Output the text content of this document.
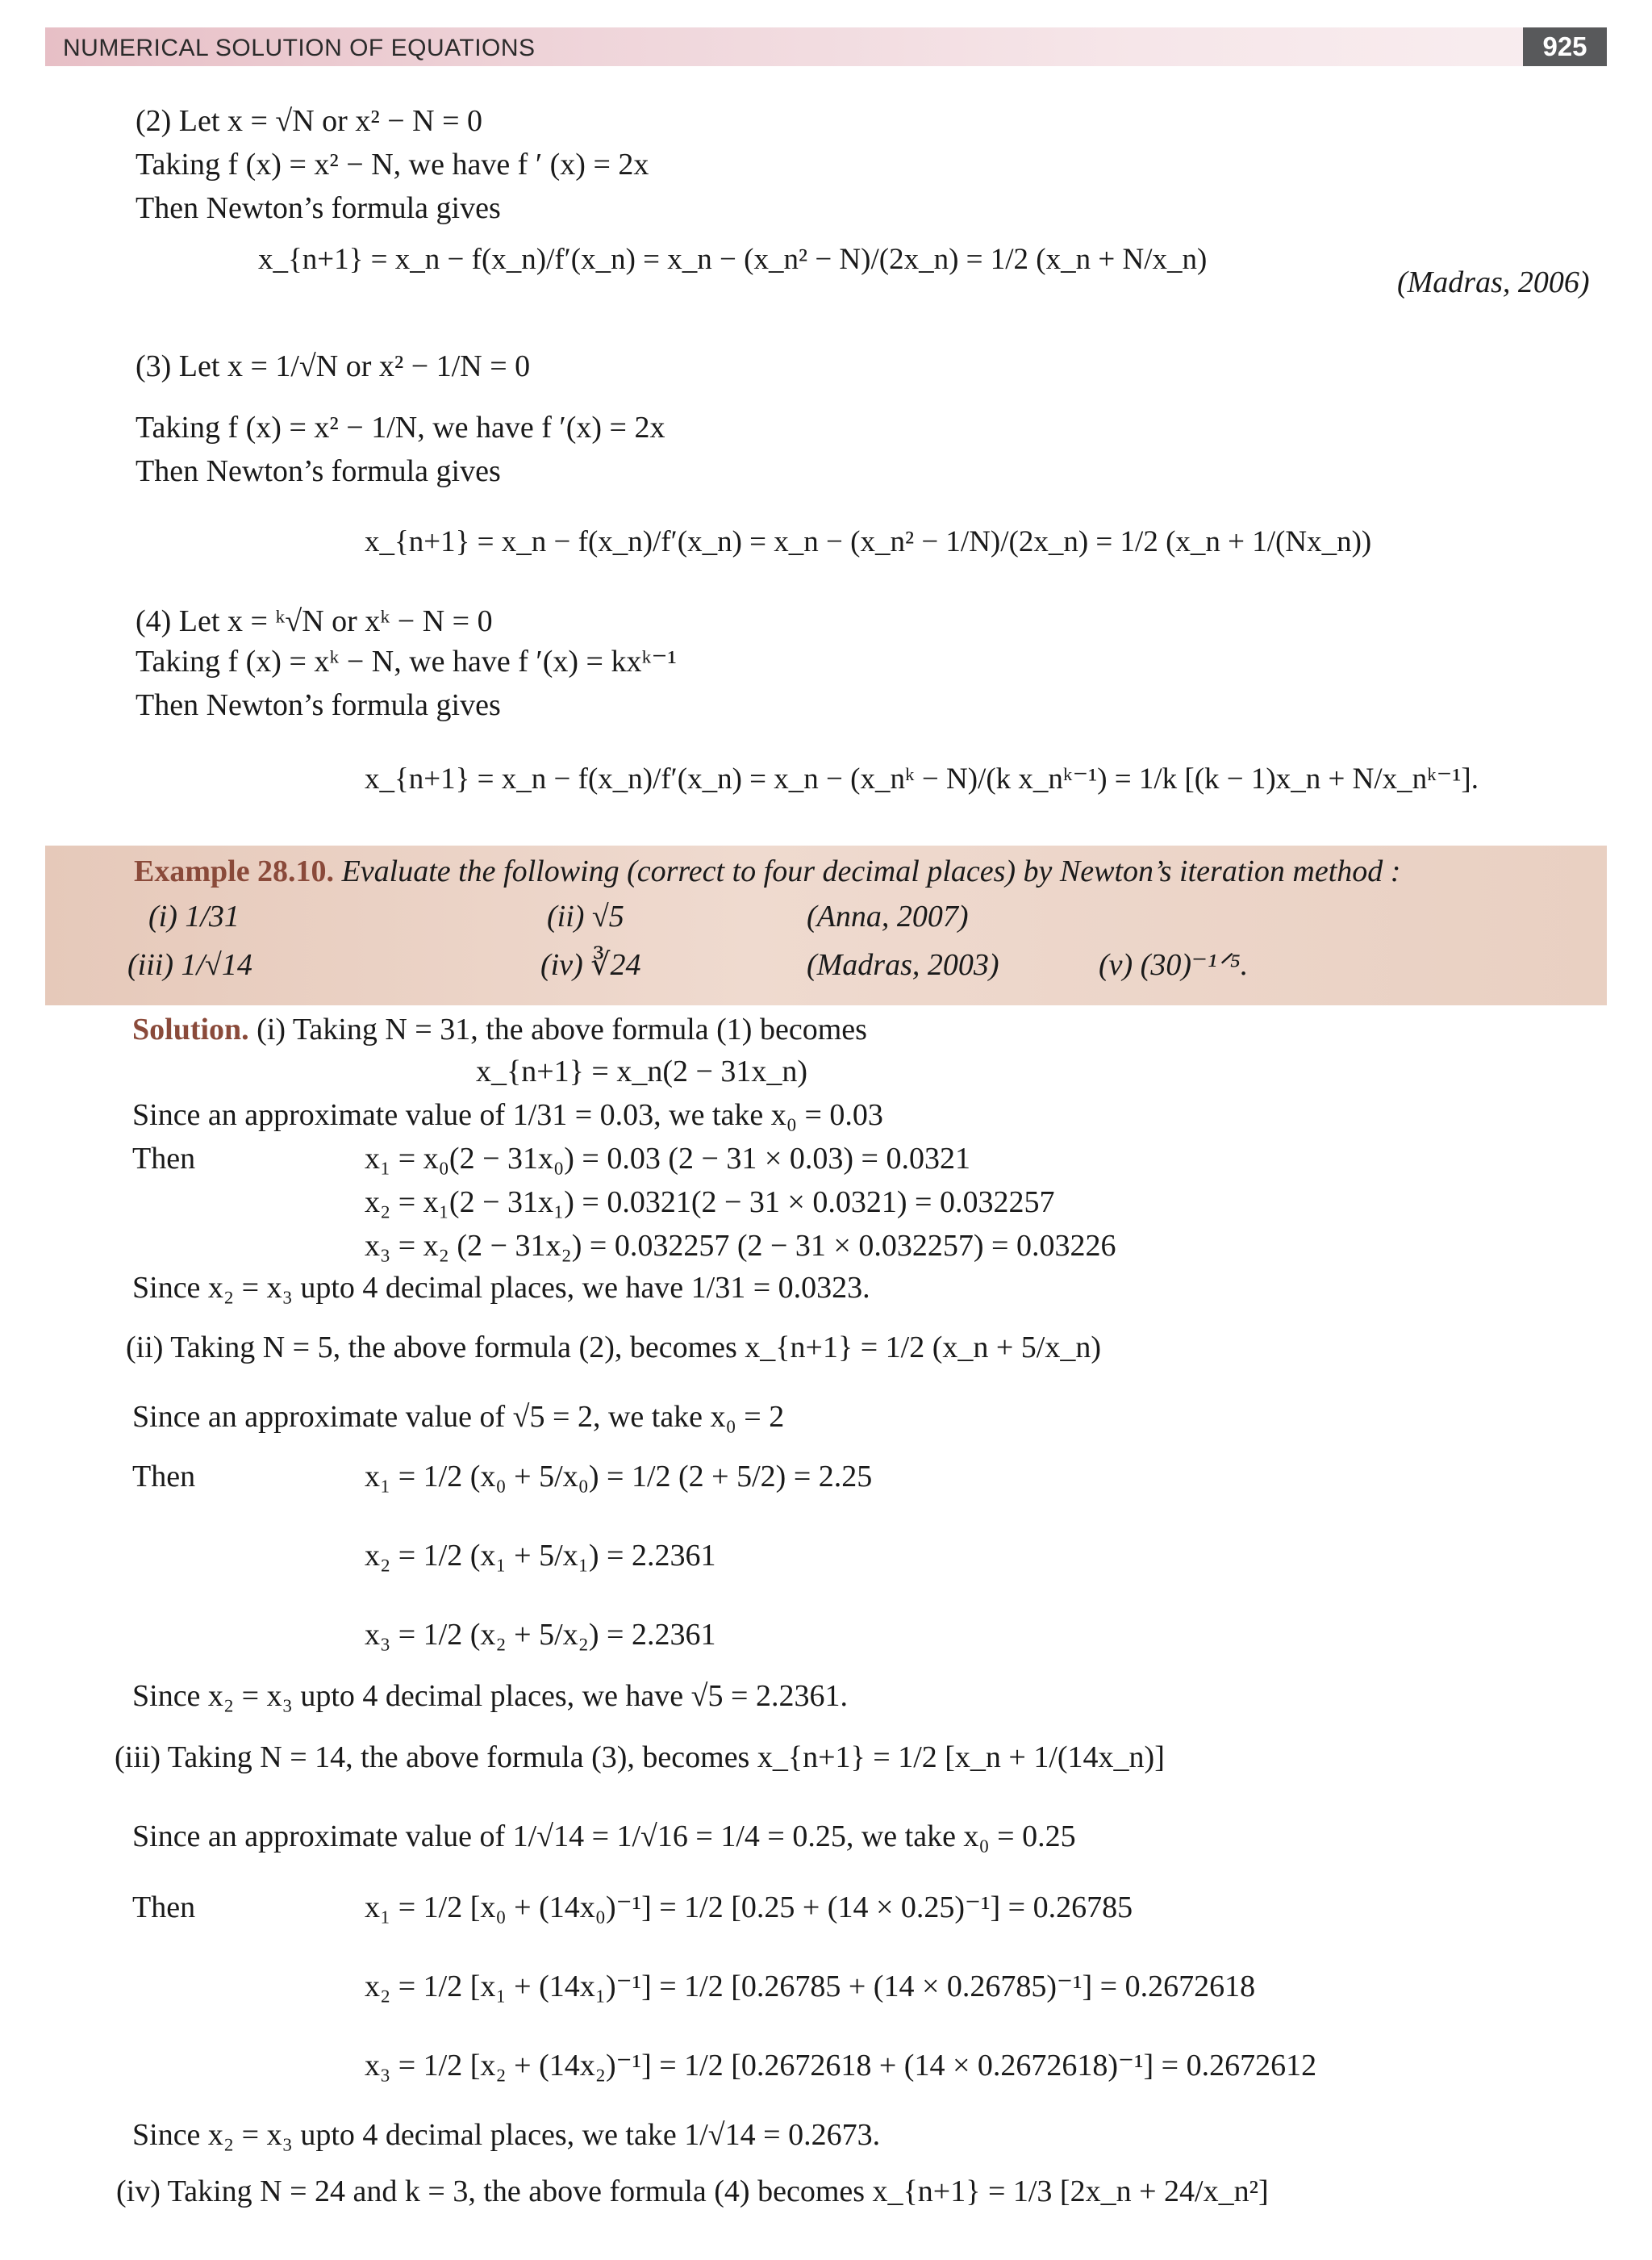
NUMERICAL SOLUTION OF EQUATIONS	925
(2) Let x = √N or x² − N = 0
Taking f (x) = x² − N, we have f ′ (x) = 2x
Then Newton’s formula gives
x_{n+1} = x_n − f(x_n)/f′(x_n) = x_n − (x_n² − N)/(2x_n) = 1/2 (x_n + N/x_n)
(Madras, 2006)
(3) Let x = 1/√N or x² − 1/N = 0
Taking f (x) = x² − 1/N, we have f ′(x) = 2x
Then Newton’s formula gives
x_{n+1} = x_n − f(x_n)/f′(x_n) = x_n − (x_n² − 1/N)/(2x_n) = 1/2 (x_n + 1/(Nx_n))
(4) Let x = ᵏ√N or xᵏ − N = 0
Taking f (x) = xᵏ − N, we have f ′(x) = kxᵏ⁻¹
Then Newton’s formula gives
x_{n+1} = x_n − f(x_n)/f′(x_n) = x_n − (x_nᵏ − N)/(k x_nᵏ⁻¹) = 1/k [(k − 1)x_n + N/x_nᵏ⁻¹].
Example 28.10. Evaluate the following (correct to four decimal places) by Newton’s iteration method :
(i) 1/31	(ii) √5	(Anna, 2007)
(iii) 1/√14	(iv) ∛24	(Madras, 2003)	(v) (30)⁻¹ᐟ⁵.
Solution. (i) Taking N = 31, the above formula (1) becomes
x_{n+1} = x_n(2 − 31x_n)
Since an approximate value of 1/31 = 0.03, we take x₀ = 0.03
Then	x₁ = x₀(2 − 31x₀) = 0.03 (2 − 31 × 0.03) = 0.0321
x₂ = x₁(2 − 31x₁) = 0.0321(2 − 31 × 0.0321) = 0.032257
x₃ = x₂ (2 − 31x₂) = 0.032257 (2 − 31 × 0.032257) = 0.03226
Since x₂ = x₃ upto 4 decimal places, we have 1/31 = 0.0323.
(ii) Taking N = 5, the above formula (2), becomes x_{n+1} = 1/2 (x_n + 5/x_n)
Since an approximate value of √5 = 2, we take x₀ = 2
Then	x₁ = 1/2 (x₀ + 5/x₀) = 1/2 (2 + 5/2) = 2.25
x₂ = 1/2 (x₁ + 5/x₁) = 2.2361
x₃ = 1/2 (x₂ + 5/x₂) = 2.2361
Since x₂ = x₃ upto 4 decimal places, we have √5 = 2.2361.
(iii) Taking N = 14, the above formula (3), becomes x_{n+1} = 1/2 [x_n + 1/(14x_n)]
Since an approximate value of 1/√14 = 1/√16 = 1/4 = 0.25, we take x₀ = 0.25
Then	x₁ = 1/2 [x₀ + (14x₀)⁻¹] = 1/2 [0.25 + (14 × 0.25)⁻¹] = 0.26785
x₂ = 1/2 [x₁ + (14x₁)⁻¹] = 1/2 [0.26785 + (14 × 0.26785)⁻¹] = 0.2672618
x₃ = 1/2 [x₂ + (14x₂)⁻¹] = 1/2 [0.2672618 + (14 × 0.2672618)⁻¹] = 0.2672612
Since x₂ = x₃ upto 4 decimal places, we take 1/√14 = 0.2673.
(iv) Taking N = 24 and k = 3, the above formula (4) becomes x_{n+1} = 1/3 [2x_n + 24/x_n²]
